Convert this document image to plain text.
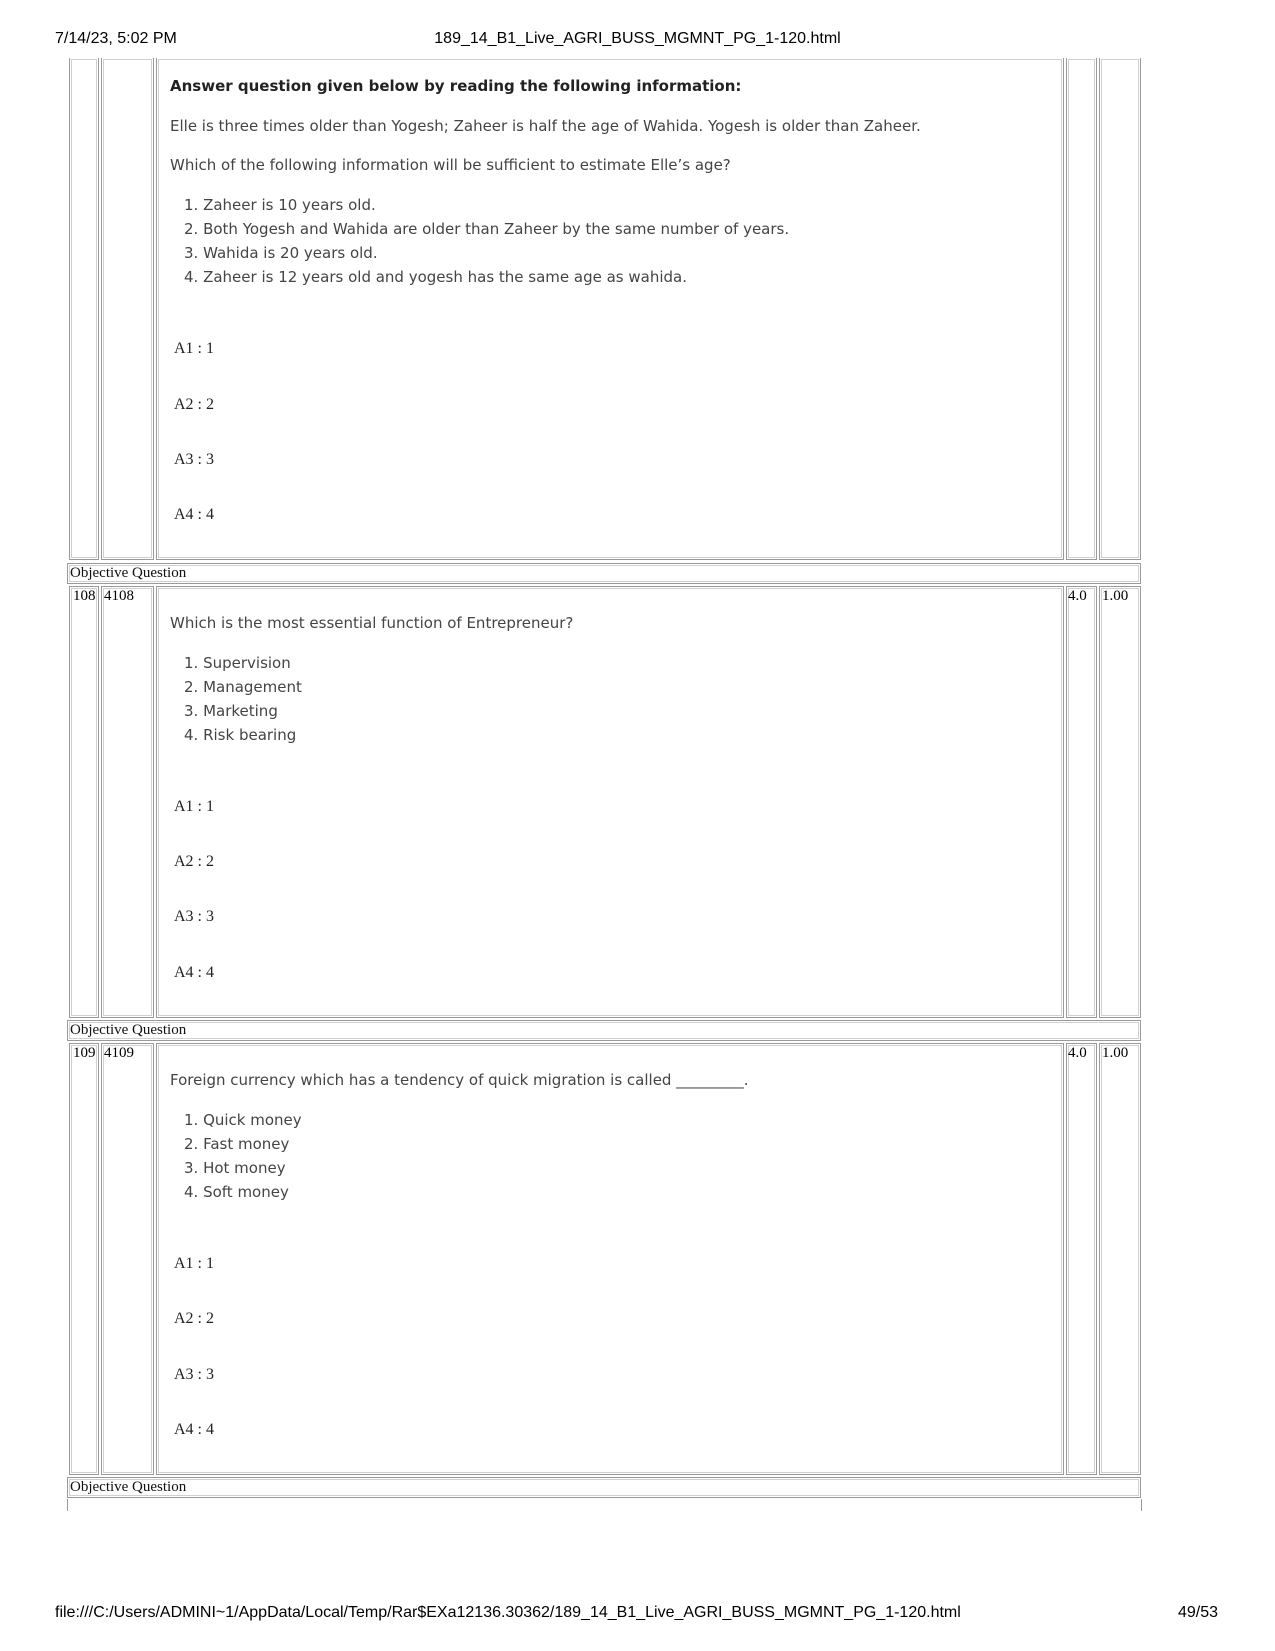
7/14/23, 5:02 PM	189_14_B1_Live_AGRI_BUSS_MGMNT_PG_1-120.html
file:///C:/Users/ADMINI~1/AppData/Local/Temp/Rar$EXa12136.30362/189_14_B1_Live_AGRI_BUSS_MGMNT_PG_1-120.html	49/53
Answer question given below by reading the following information:
Elle is three times older than Yogesh; Zaheer is half the age of Wahida. Yogesh is older than Zaheer.
Which of the following information will be sufficient to estimate Elle’s age?
1. Zaheer is 10 years old.
2. Both Yogesh and Wahida are older than Zaheer by the same number of years.
3. Wahida is 20 years old.
4. Zaheer is 12 years old and yogesh has the same age as wahida.
A1 : 1
A2 : 2
A3 : 3
A4 : 4
Objective Question
108 4108	4.0 1.00
Which is the most essential function of Entrepreneur?
1. Supervision
2. Management
3. Marketing
4. Risk bearing
A1 : 1
A2 : 2
A3 : 3
A4 : 4
Objective Question
109 4109	4.0 1.00
Foreign currency which has a tendency of quick migration is called _________.
1. Quick money
2. Fast money
3. Hot money
4. Soft money
A1 : 1
A2 : 2
A3 : 3
A4 : 4
Objective Question
